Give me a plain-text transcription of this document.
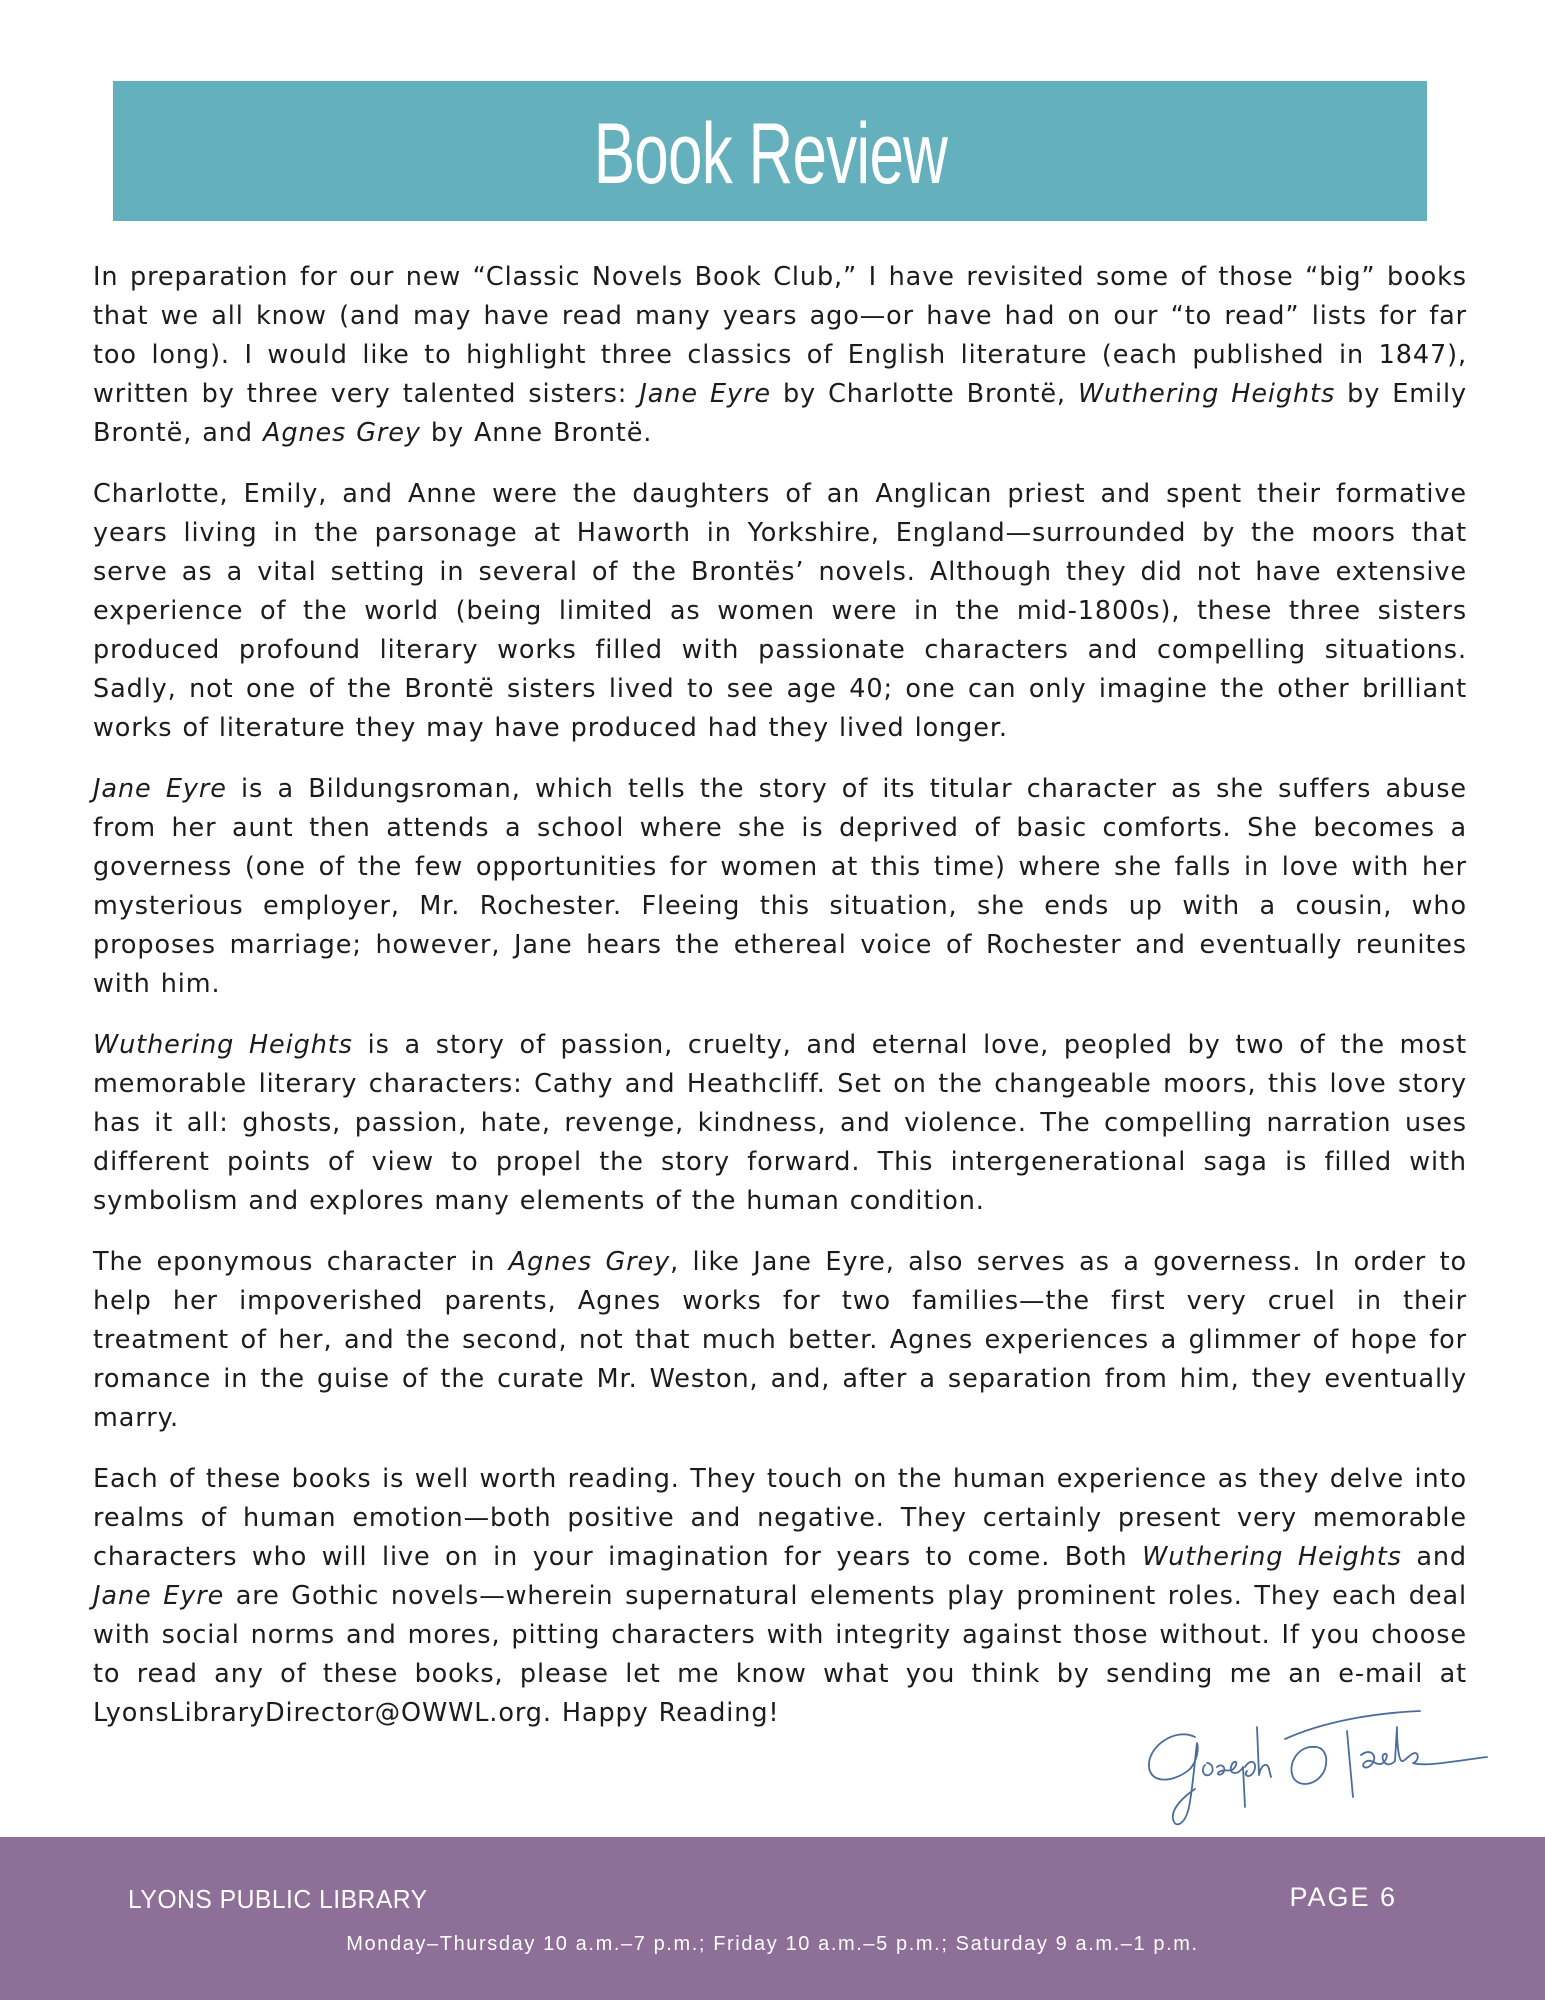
Book Review

In preparation for our new “Classic Novels Book Club,” I have revisited some of those “big” books that we all know (and may have read many years ago—or have had on our “to read” lists for far too long). I would like to highlight three classics of English literature (each published in 1847), written by three very talented sisters: Jane Eyre by Charlotte Brontë, Wuthering Heights by Emily Brontë, and Agnes Grey by Anne Brontë.

Charlotte, Emily, and Anne were the daughters of an Anglican priest and spent their formative years living in the parsonage at Haworth in Yorkshire, England—surrounded by the moors that serve as a vital setting in several of the Brontës’ novels. Although they did not have extensive experience of the world (being limited as women were in the mid-1800s), these three sisters produced profound literary works filled with passionate characters and compelling situations. Sadly, not one of the Brontë sisters lived to see age 40; one can only imagine the other brilliant works of literature they may have produced had they lived longer.

Jane Eyre is a Bildungsroman, which tells the story of its titular character as she suffers abuse from her aunt then attends a school where she is deprived of basic comforts. She becomes a governess (one of the few opportunities for women at this time) where she falls in love with her mysterious employer, Mr. Rochester. Fleeing this situation, she ends up with a cousin, who proposes marriage; however, Jane hears the ethereal voice of Rochester and eventually reunites with him.

Wuthering Heights is a story of passion, cruelty, and eternal love, peopled by two of the most memorable literary characters: Cathy and Heathcliff. Set on the changeable moors, this love story has it all: ghosts, passion, hate, revenge, kindness, and violence. The compelling narration uses different points of view to propel the story forward. This intergenerational saga is filled with symbolism and explores many elements of the human condition.

The eponymous character in Agnes Grey, like Jane Eyre, also serves as a governess. In order to help her impoverished parents, Agnes works for two families—the first very cruel in their treatment of her, and the second, not that much better. Agnes experiences a glimmer of hope for romance in the guise of the curate Mr. Weston, and, after a separation from him, they eventually marry.

Each of these books is well worth reading. They touch on the human experience as they delve into realms of human emotion—both positive and negative. They certainly present very memorable characters who will live on in your imagination for years to come. Both Wuthering Heights and Jane Eyre are Gothic novels—wherein supernatural elements play prominent roles. They each deal with social norms and mores, pitting characters with integrity against those without. If you choose to read any of these books, please let me know what you think by sending me an e-mail at LyonsLibraryDirector@OWWL.org. Happy Reading!

LYONS PUBLIC LIBRARY	PAGE 6
Monday–Thursday 10 a.m.–7 p.m.; Friday 10 a.m.–5 p.m.; Saturday 9 a.m.–1 p.m.
